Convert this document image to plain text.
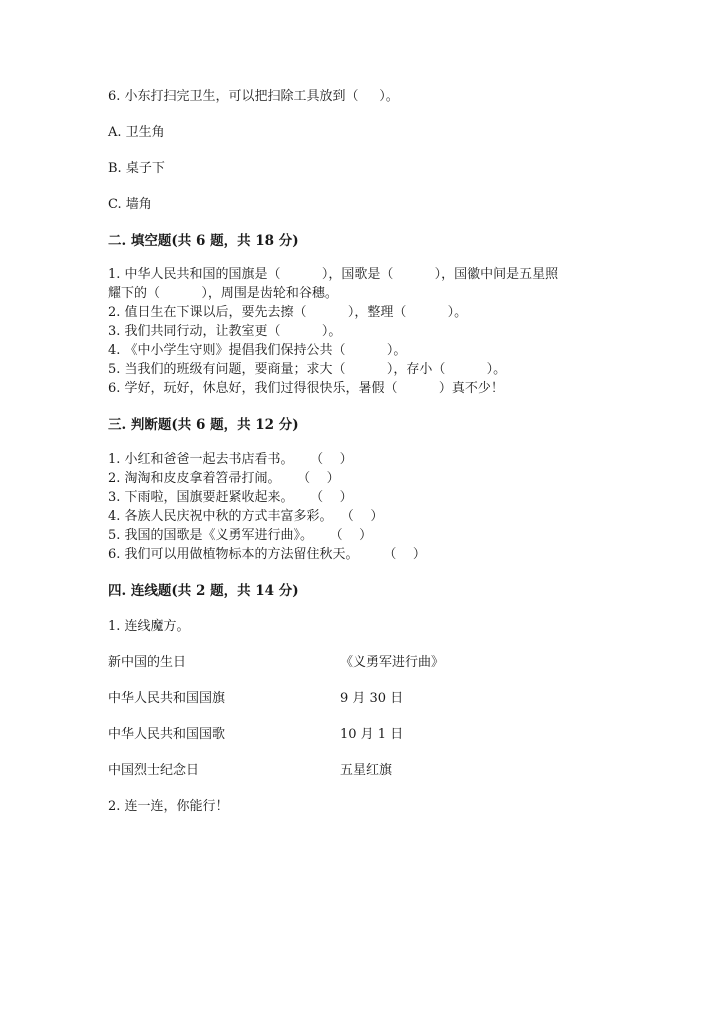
6. 小东打扫完卫生，可以把扫除工具放到（     ）。
A. 卫生角
B. 桌子下
C. 墙角
二. 填空题(共 6 题，共 18 分)
1. 中华人民共和国的国旗是（          ），国歌是（          ），国徽中间是五星照
耀下的（          ），周围是齿轮和谷穗。
2. 值日生在下课以后，要先去擦（          ），整理（          ）。
3. 我们共同行动，让教室更（          ）。
4. 《中小学生守则》提倡我们保持公共（          ）。
5. 当我们的班级有问题，要商量；求大（          ），存小（          ）。
6. 学好，玩好，休息好，我们过得很快乐，暑假（          ）真不少！
三. 判断题(共 6 题，共 12 分)
1. 小红和爸爸一起去书店看书。    （    ）
2. 淘淘和皮皮拿着笤帚打闹。    （    ）
3. 下雨啦，国旗要赶紧收起来。    （    ）
4. 各族人民庆祝中秋的方式丰富多彩。  （    ）
5. 我国的国歌是《义勇军进行曲》。    （    ）
6. 我们可以用做植物标本的方法留住秋天。      （    ）
四. 连线题(共 2 题，共 14 分)
1. 连线魔方。
新中国的生日	《义勇军进行曲》
中华人民共和国国旗	9 月 30 日
中华人民共和国国歌	10 月 1 日
中国烈士纪念日	五星红旗
2. 连一连，你能行！
